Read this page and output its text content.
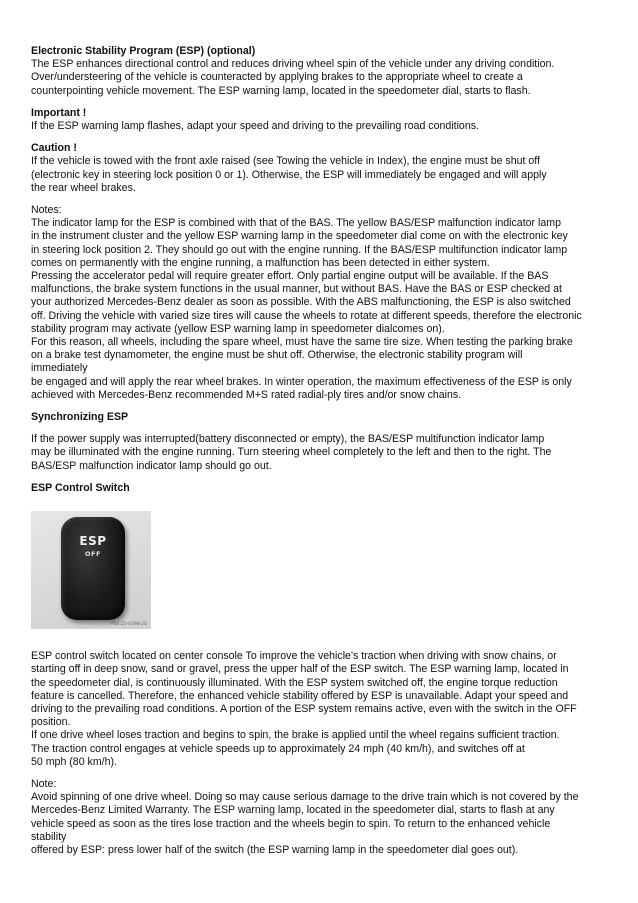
Electronic Stability Program (ESP) (optional)
The ESP enhances directional control and reduces driving wheel spin of the vehicle under any driving condition.
Over/understeering of the vehicle is counteracted by applying brakes to the appropriate wheel to create a
counterpointing vehicle movement. The ESP warning lamp, located in the speedometer dial, starts to flash.
Important !
If the ESP warning lamp flashes, adapt your speed and driving to the prevailing road conditions.
Caution !
If the vehicle is towed with the front axle raised (see Towing the vehicle in Index), the engine must be shut off
(electronic key in steering lock position 0 or 1). Otherwise, the ESP will immediately be engaged and will apply
the rear wheel brakes.
Notes:
The indicator lamp for the ESP is combined with that of the BAS. The yellow BAS/ESP malfunction indicator lamp
in the instrument cluster and the yellow ESP warning lamp in the speedometer dial come on with the electronic key
in steering lock position 2. They should go out with the engine running. If the BAS/ESP multifunction indicator lamp
comes on permanently with the engine running, a malfunction has been detected in either system.
Pressing the accelerator pedal will require greater effort. Only partial engine output will be available. If the BAS
malfunctions, the brake system functions in the usual manner, but without BAS. Have the BAS or ESP checked at
your authorized Mercedes-Benz dealer as soon as possible. With the ABS malfunctioning, the ESP is also switched
off. Driving the vehicle with varied size tires will cause the wheels to rotate at different speeds, therefore the electronic
stability program may activate (yellow ESP warning lamp in speedometer dialcomes on).
For this reason, all wheels, including the spare wheel, must have the same tire size. When testing the parking brake
on a brake test dynamometer, the engine must be shut off. Otherwise, the electronic stability program will
immediately
be engaged and will apply the rear wheel brakes. In winter operation, the maximum effectiveness of the ESP is only
achieved with Mercedes-Benz recommended M+S rated radial-ply tires and/or snow chains.
Synchronizing ESP
If the power supply was interrupted(battery disconnected or empty), the BAS/ESP multifunction indicator lamp
may be illuminated with the engine running. Turn steering wheel completely to the left and then to the right. The
BAS/ESP malfunction indicator lamp should go out.
ESP Control Switch
ESP
OFF
P54.25-0398-20
ESP control switch located on center console To improve the vehicle's traction when driving with snow chains, or
starting off in deep snow, sand or gravel, press the upper half of the ESP switch. The ESP warning lamp, located in
the speedometer dial, is continuously illuminated. With the ESP system switched off, the engine torque reduction
feature is cancelled. Therefore, the enhanced vehicle stability offered by ESP is unavailable. Adapt your speed and
driving to the prevailing road conditions. A portion of the ESP system remains active, even with the switch in the OFF
position.
If one drive wheel loses traction and begins to spin, the brake is applied until the wheel regains sufficient traction.
The traction control engages at vehicle speeds up to approximately 24 mph (40 km/h), and switches off at
50 mph (80 km/h).
Note:
Avoid spinning of one drive wheel. Doing so may cause serious damage to the drive train which is not covered by the
Mercedes-Benz Limited Warranty. The ESP warning lamp, located in the speedometer dial, starts to flash at any
vehicle speed as soon as the tires lose traction and the wheels begin to spin. To return to the enhanced vehicle
stability
offered by ESP: press lower half of the switch (the ESP warning lamp in the speedometer dial goes out).
